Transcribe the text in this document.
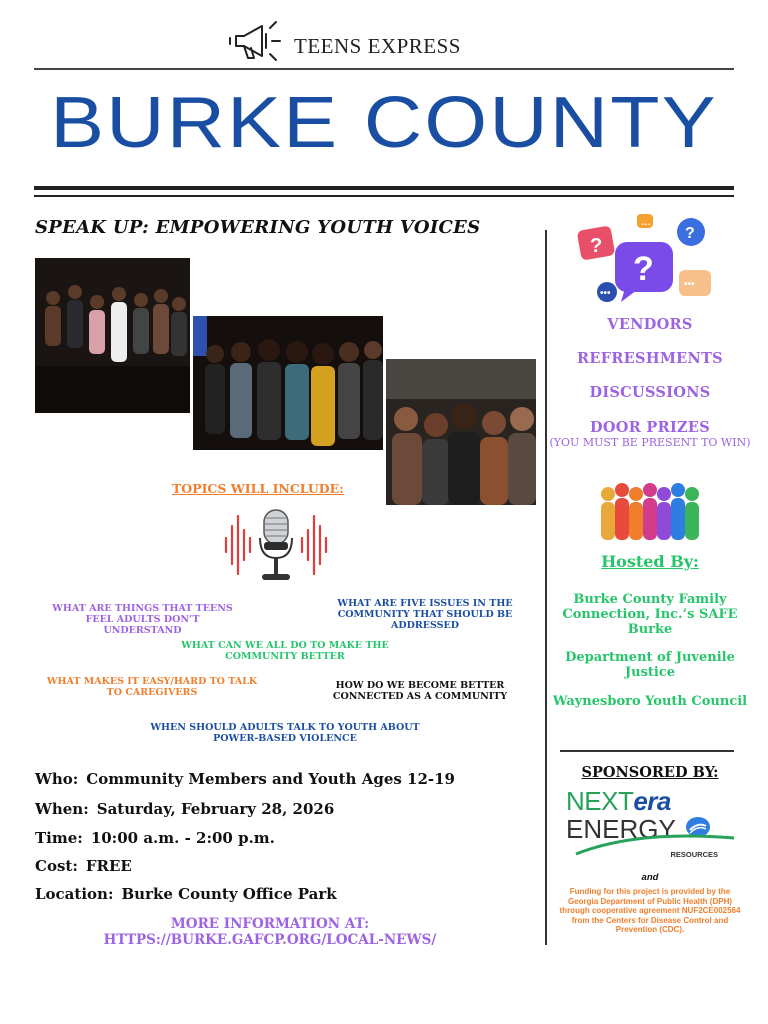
TEENS EXPRESS
BURKE COUNTY
SPEAK UP: EMPOWERING YOUTH VOICES
TOPICS WILL INCLUDE:
WHAT ARE THINGS THAT TEENS FEEL ADULTS DON’T UNDERSTAND
WHAT ARE FIVE ISSUES IN THE COMMUNITY THAT SHOULD BE ADDRESSED
WHAT CAN WE ALL DO TO MAKE THE COMMUNITY BETTER
WHAT MAKES IT EASY/HARD TO TALK TO CAREGIVERS
HOW DO WE BECOME BETTER CONNECTED AS A COMMUNITY
WHEN SHOULD ADULTS TALK TO YOUTH ABOUT POWER-BASED VIOLENCE
Who: Community Members and Youth Ages 12-19
When: Saturday, February 28, 2026
Time: 10:00 a.m. - 2:00 p.m.
Cost: FREE
Location: Burke County Office Park
MORE INFORMATION AT:
HTTPS://BURKE.GAFCP.ORG/LOCAL-NEWS/
?
…
?
?
•••
•••
VENDORS
REFRESHMENTS
DISCUSSIONS
DOOR PRIZES
(YOU MUST BE PRESENT TO WIN)
Hosted By:
Burke County Family Connection, Inc.’s SAFE Burke
Department of Juvenile Justice
Waynesboro Youth Council
SPONSORED BY:
NEXTera
ENERGY
RESOURCES
and
Funding for this project is provided by the Georgia Department of Public Health (DPH) through cooperative agreement NUF2CE002564 from the Centers for Disease Control and Prevention (CDC).
